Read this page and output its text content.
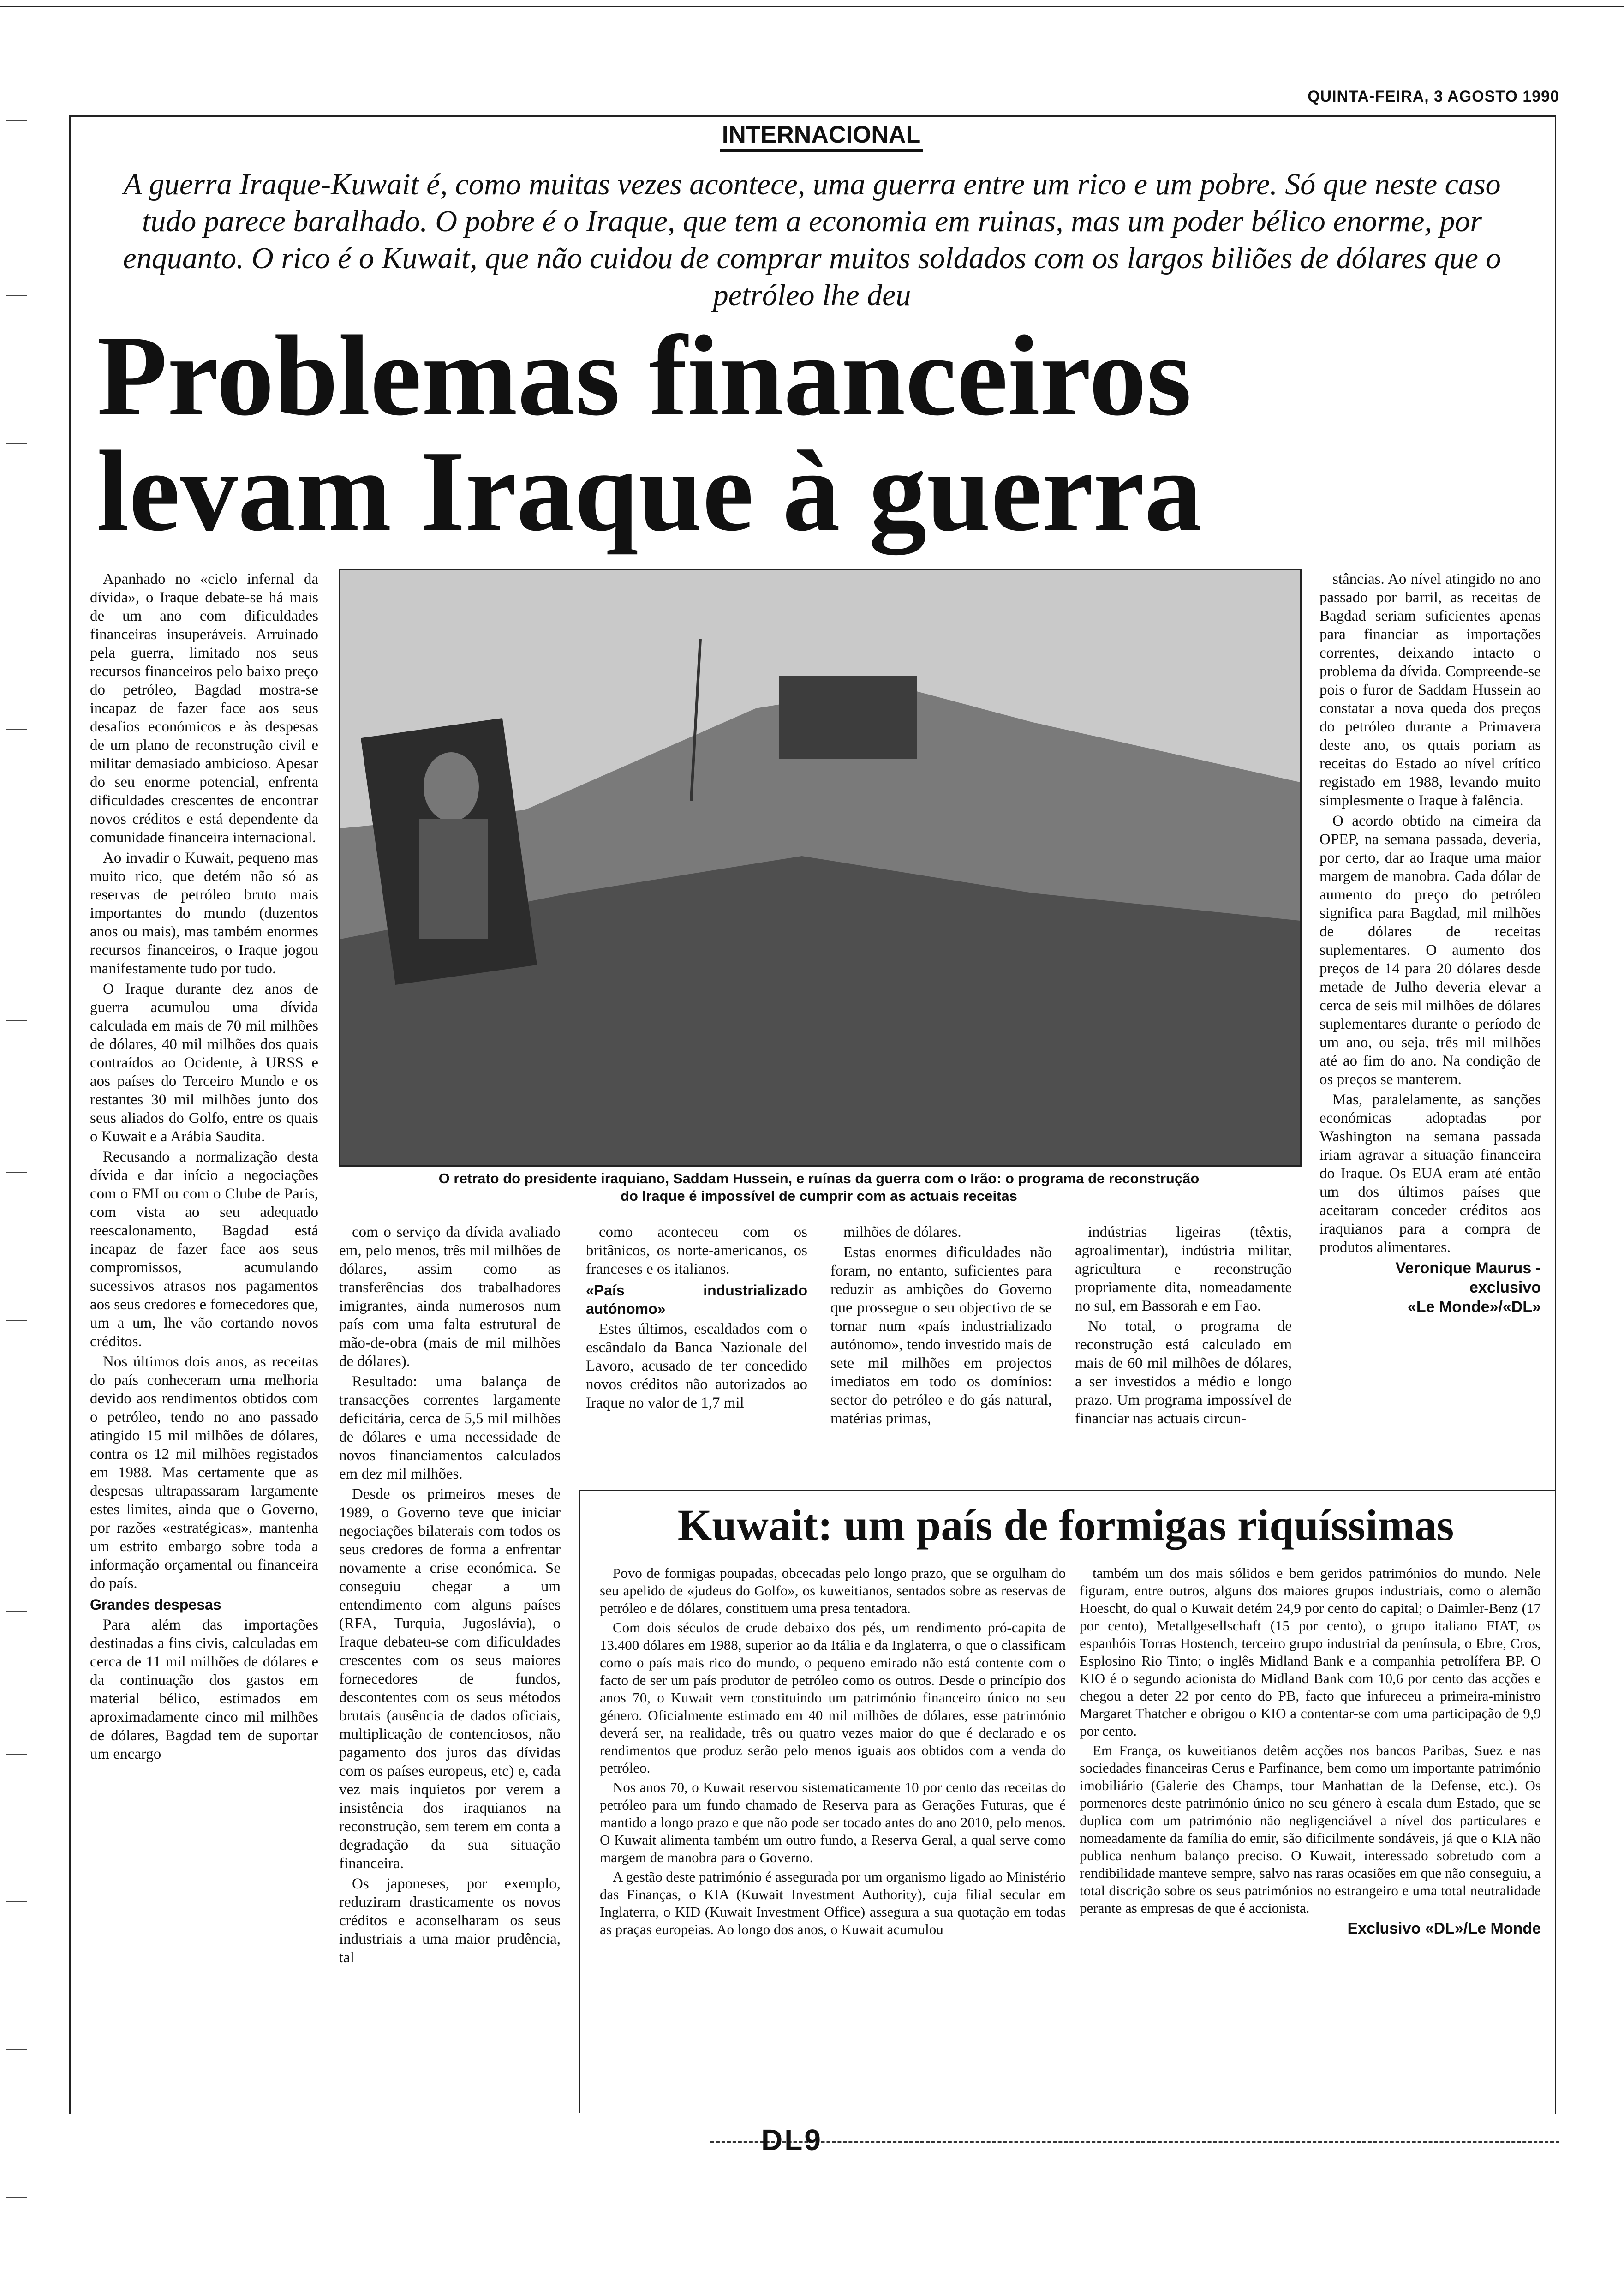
QUINTA-FEIRA, 3 AGOSTO 1990
INTERNACIONAL
A guerra Iraque-Kuwait é, como muitas vezes acontece, uma guerra entre um rico e um pobre. Só que neste caso tudo parece baralhado. O pobre é o Iraque, que tem a economia em ruinas, mas um poder bélico enorme, por enquanto. O rico é o Kuwait, que não cuidou de comprar muitos soldados com os largos biliões de dólares que o petróleo lhe deu
Problemas financeiros
levam Iraque à guerra

Apanhado no «ciclo infernal da dívida», o Iraque debate-se há mais de um ano com dificuldades financeiras insuperáveis. Arruinado pela guerra, limitado nos seus recursos financeiros pelo baixo preço do petróleo, Bagdad mostra-se incapaz de fazer face aos seus desafios económicos e às despesas de um plano de reconstrução civil e militar demasiado ambicioso. Apesar do seu enorme potencial, enfrenta dificuldades crescentes de encontrar novos créditos e está dependente da comunidade financeira internacional.

Ao invadir o Kuwait, pequeno mas muito rico, que detém não só as reservas de petróleo bruto mais importantes do mundo (duzentos anos ou mais), mas também enormes recursos financeiros, o Iraque jogou manifestamente tudo por tudo.

O Iraque durante dez anos de guerra acumulou uma dívida calculada em mais de 70 mil milhões de dólares, 40 mil milhões dos quais contraídos ao Ocidente, à URSS e aos países do Terceiro Mundo e os restantes 30 mil milhões junto dos seus aliados do Golfo, entre os quais o Kuwait e a Arábia Saudita.

Recusando a normalização desta dívida e dar início a negociações com o FMI ou com o Clube de Paris, com vista ao seu adequado reescalonamento, Bagdad está incapaz de fazer face aos seus compromissos, acumulando sucessivos atrasos nos pagamentos aos seus credores e fornecedores que, um a um, lhe vão cortando novos créditos.

Nos últimos dois anos, as receitas do país conheceram uma melhoria devido aos rendimentos obtidos com o petróleo, tendo no ano passado atingido 15 mil milhões de dólares, contra os 12 mil milhões registados em 1988. Mas certamente que as despesas ultrapassaram largamente estes limites, ainda que o Governo, por razões «estratégicas», mantenha um estrito embargo sobre toda a informação orçamental ou financeira do país.

Grandes despesas

Para além das importações destinadas a fins civis, calculadas em cerca de 11 mil milhões de dólares e da continuação dos gastos em material bélico, estimados em aproximadamente cinco mil milhões de dólares, Bagdad tem de suportar um encargo

O retrato do presidente iraquiano, Saddam Hussein, e ruínas da guerra com o Irão: o programa de reconstrução
do Iraque é impossível de cumprir com as actuais receitas

com o serviço da dívida avaliado em, pelo menos, três mil milhões de dólares, assim como as transferências dos trabalhadores imigrantes, ainda numerosos num país com uma falta estrutural de mão-de-obra (mais de mil milhões de dólares).

Resultado: uma balança de transacções correntes largamente deficitária, cerca de 5,5 mil milhões de dólares e uma necessidade de novos financiamentos calculados em dez mil milhões.

Desde os primeiros meses de 1989, o Governo teve que iniciar negociações bilaterais com todos os seus credores de forma a enfrentar novamente a crise económica. Se conseguiu chegar a um entendimento com alguns países (RFA, Turquia, Jugoslávia), o Iraque debateu-se com dificuldades crescentes com os seus maiores fornecedores de fundos, descontentes com os seus métodos brutais (ausência de dados oficiais, multiplicação de contenciosos, não pagamento dos juros das dívidas com os países europeus, etc) e, cada vez mais inquietos por verem a insistência dos iraquianos na reconstrução, sem terem em conta a degradação da sua situação financeira.

Os japoneses, por exemplo, reduziram drasticamente os novos créditos e aconselharam os seus industriais a uma maior prudência, tal

como aconteceu com os britânicos, os norte-americanos, os franceses e os italianos.

«País industrializado autónomo»

Estes últimos, escaldados com o escândalo da Banca Nazionale del Lavoro, acusado de ter concedido novos créditos não autorizados ao Iraque no valor de 1,7 mil

milhões de dólares.

Estas enormes dificuldades não foram, no entanto, suficientes para reduzir as ambições do Governo que prossegue o seu objectivo de se tornar num «país industrializado autónomo», tendo investido mais de sete mil milhões em projectos imediatos em todo os domínios: sector do petróleo e do gás natural, matérias primas,

indústrias ligeiras (têxtis, agroalimentar), indústria militar, agricultura e reconstrução propriamente dita, nomeadamente no sul, em Bassorah e em Fao.

No total, o programa de reconstrução está calculado em mais de 60 mil milhões de dólares, a ser investidos a médio e longo prazo. Um programa impossível de financiar nas actuais circun-

stâncias. Ao nível atingido no ano passado por barril, as receitas de Bagdad seriam suficientes apenas para financiar as importações correntes, deixando intacto o problema da dívida. Compreende-se pois o furor de Saddam Hussein ao constatar a nova queda dos preços do petróleo durante a Primavera deste ano, os quais poriam as receitas do Estado ao nível crítico registado em 1988, levando muito simplesmente o Iraque à falência.

O acordo obtido na cimeira da OPEP, na semana passada, deveria, por certo, dar ao Iraque uma maior margem de manobra. Cada dólar de aumento do preço do petróleo significa para Bagdad, mil milhões de dólares de receitas suplementares. O aumento dos preços de 14 para 20 dólares desde metade de Julho deveria elevar a cerca de seis mil milhões de dólares suplementares durante o período de um ano, ou seja, três mil milhões até ao fim do ano. Na condição de os preços se manterem.

Mas, paralelamente, as sanções económicas adoptadas por Washington na semana passada iriam agravar a situação financeira do Iraque. Os EUA eram até então um dos últimos países que aceitaram conceder créditos aos iraquianos para a compra de produtos alimentares.

Veronique Maurus -
exclusivo
«Le Monde»/«DL»
Kuwait: um país de formigas riquíssimas

Povo de formigas poupadas, obcecadas pelo longo prazo, que se orgulham do seu apelido de «judeus do Golfo», os kuweitianos, sentados sobre as reservas de petróleo e de dólares, constituem uma presa tentadora.

Com dois séculos de crude debaixo dos pés, um rendimento pró-capita de 13.400 dólares em 1988, superior ao da Itália e da Inglaterra, o que o classificam como o país mais rico do mundo, o pequeno emirado não está contente com o facto de ser um país produtor de petróleo como os outros. Desde o princípio dos anos 70, o Kuwait vem constituindo um património financeiro único no seu género. Oficialmente estimado em 40 mil milhões de dólares, esse património deverá ser, na realidade, três ou quatro vezes maior do que é declarado e os rendimentos que produz serão pelo menos iguais aos obtidos com a venda do petróleo.

Nos anos 70, o Kuwait reservou sistematicamente 10 por cento das receitas do petróleo para um fundo chamado de Reserva para as Gerações Futuras, que é mantido a longo prazo e que não pode ser tocado antes do ano 2010, pelo menos. O Kuwait alimenta também um outro fundo, a Reserva Geral, a qual serve como margem de manobra para o Governo.

A gestão deste património é assegurada por um organismo ligado ao Ministério das Finanças, o KIA (Kuwait Investment Authority), cuja filial secular em Inglaterra, o KID (Kuwait Investment Office) assegura a sua quotação em todas as praças europeias. Ao longo dos anos, o Kuwait acumulou

também um dos mais sólidos e bem geridos patrimónios do mundo. Nele figuram, entre outros, alguns dos maiores grupos industriais, como o alemão Hoescht, do qual o Kuwait detém 24,9 por cento do capital; o Daimler-Benz (17 por cento), Metallgesellschaft (15 por cento), o grupo italiano FIAT, os espanhóis Torras Hostench, terceiro grupo industrial da península, o Ebre, Cros, Esplosino Rio Tinto; o inglês Midland Bank e a companhia petrolífera BP. O KIO é o segundo acionista do Midland Bank com 10,6 por cento das acções e chegou a deter 22 por cento do PB, facto que infureceu a primeira-ministro Margaret Thatcher e obrigou o KIO a contentar-se com uma participação de 9,9 por cento.

Em França, os kuweitianos detêm acções nos bancos Paribas, Suez e nas sociedades financeiras Cerus e Parfinance, bem como um importante património imobiliário (Galerie des Champs, tour Manhattan de la Defense, etc.). Os pormenores deste património único no seu género à escala dum Estado, que se duplica com um património não negligenciável a nível dos particulares e nomeadamente da família do emir, são dificilmente sondáveis, já que o KIA não publica nenhum balanço preciso. O Kuwait, interessado sobretudo com a rendibilidade manteve sempre, salvo nas raras ocasiões em que não conseguiu, a total discrição sobre os seus patrimónios no estrangeiro e uma total neutralidade perante as empresas de que é accionista.

Exclusivo «DL»/Le Monde
DL9
